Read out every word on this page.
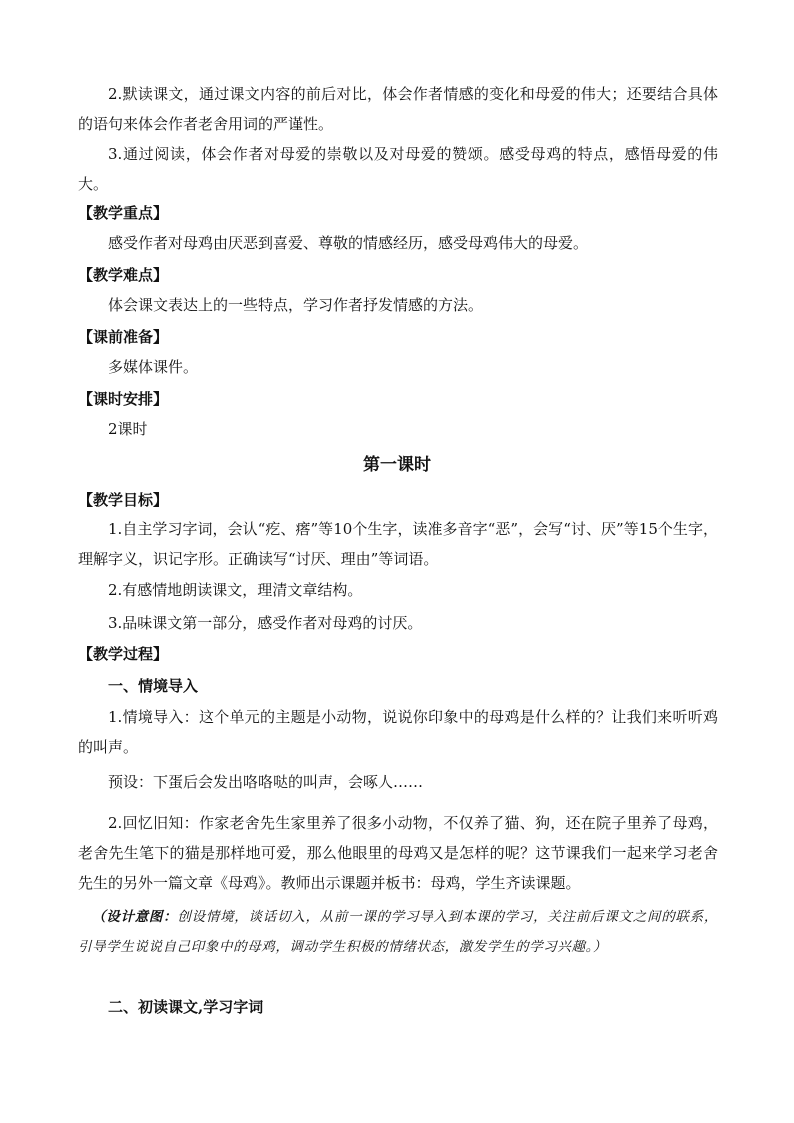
2.默读课文，通过课文内容的前后对比，体会作者情感的变化和母爱的伟大；还要结合具体的语句来体会作者老舍用词的严谨性。

3.通过阅读，体会作者对母爱的崇敬以及对母爱的赞颂。感受母鸡的特点，感悟母爱的伟大。

【教学重点】

感受作者对母鸡由厌恶到喜爱、尊敬的情感经历，感受母鸡伟大的母爱。

【教学难点】

体会课文表达上的一些特点，学习作者抒发情感的方法。

【课前准备】

多媒体课件。

【课时安排】

2课时

第一课时

【教学目标】

1.自主学习字词，会认“疙、瘩”等10个生字，读准多音字“恶”，会写“讨、厌”等15个生字，理解字义，识记字形。正确读写“讨厌、理由”等词语。

2.有感情地朗读课文，理清文章结构。

3.品味课文第一部分，感受作者对母鸡的讨厌。

【教学过程】

一、情境导入

1.情境导入：这个单元的主题是小动物，说说你印象中的母鸡是什么样的？让我们来听听鸡的叫声。

预设：下蛋后会发出咯咯哒的叫声，会啄人……

2.回忆旧知：作家老舍先生家里养了很多小动物，不仅养了猫、狗，还在院子里养了母鸡，老舍先生笔下的猫是那样地可爱，那么他眼里的母鸡又是怎样的呢？这节课我们一起来学习老舍先生的另外一篇文章《母鸡》。教师出示课题并板书：母鸡，学生齐读课题。

（设计意图：创设情境，谈话切入，从前一课的学习导入到本课的学习，关注前后课文之间的联系，引导学生说说自己印象中的母鸡，调动学生积极的情绪状态，激发学生的学习兴趣。）

二、初读课文,学习字词
